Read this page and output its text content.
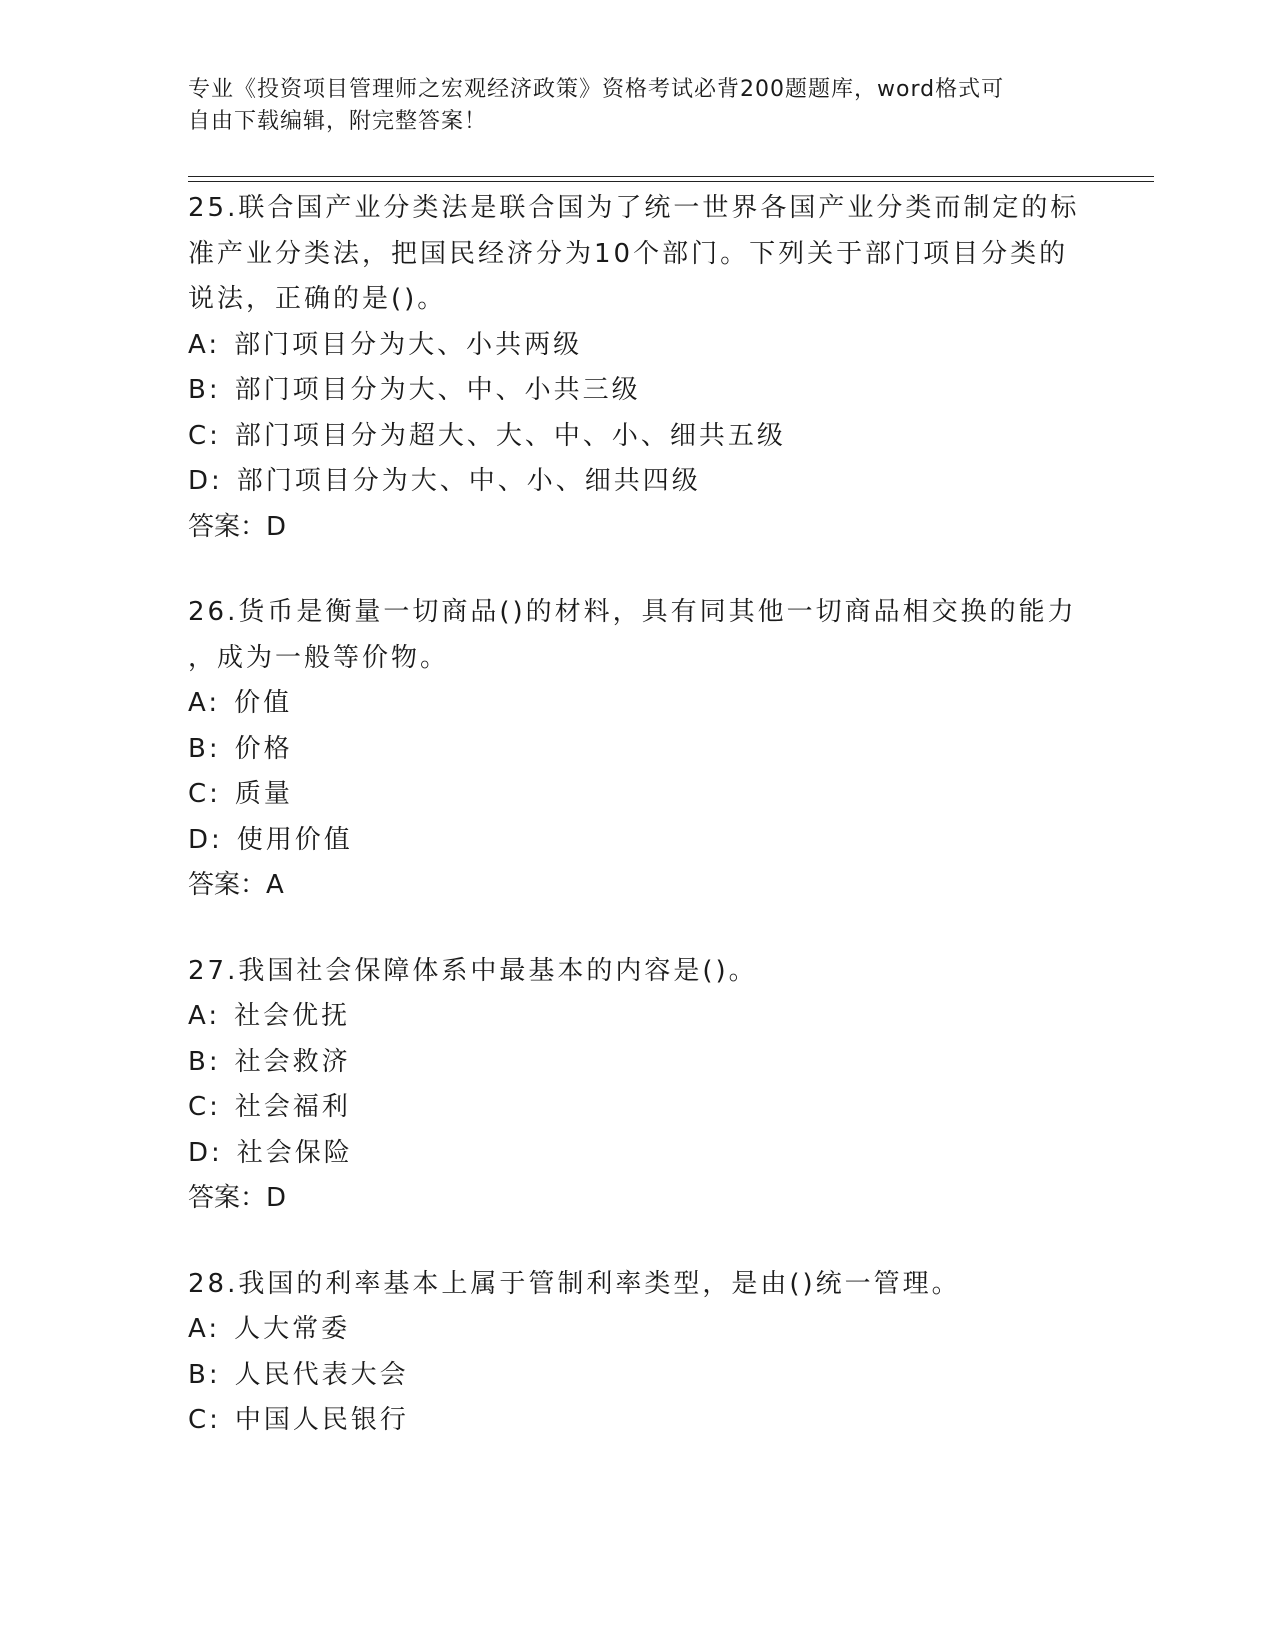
专业《投资项目管理师之宏观经济政策》资格考试必背200题题库，word格式可
自由下载编辑，附完整答案！

25.联合国产业分类法是联合国为了统一世界各国产业分类而制定的标

准产业分类法，把国民经济分为10个部门。下列关于部门项目分类的

说法，正确的是()。

A: 部门项目分为大、小共两级

B: 部门项目分为大、中、小共三级

C: 部门项目分为超大、大、中、小、细共五级

D: 部门项目分为大、中、小、细共四级

答案：D

26.货币是衡量一切商品()的材料，具有同其他一切商品相交换的能力

，成为一般等价物。

A: 价值

B: 价格

C: 质量

D: 使用价值

答案：A

27.我国社会保障体系中最基本的内容是()。

A: 社会优抚

B: 社会救济

C: 社会福利

D: 社会保险

答案：D

28.我国的利率基本上属于管制利率类型，是由()统一管理。

A: 人大常委

B: 人民代表大会

C: 中国人民银行
